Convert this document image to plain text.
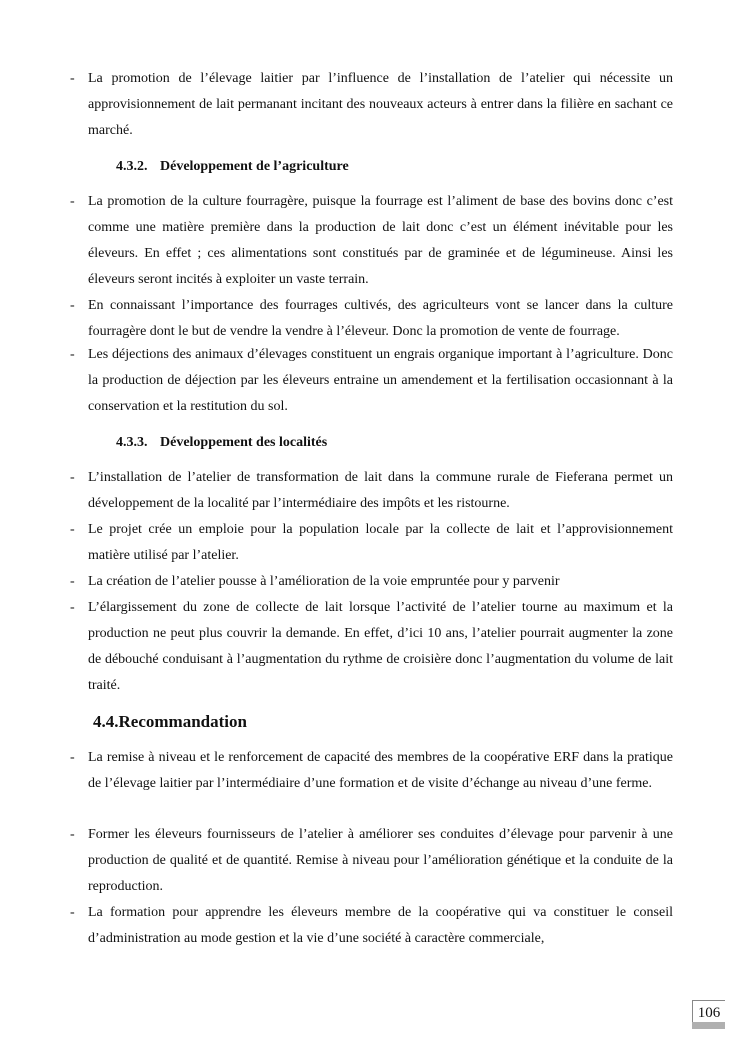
- La promotion de l’élevage laitier par l’influence de l’installation de l’atelier qui nécessite un approvisionnement de lait permanant incitant des nouveaux acteurs à entrer dans la filière en sachant ce marché.
4.3.2. Développement de l’agriculture
- La promotion de la culture fourragère, puisque la fourrage est l’aliment de base des bovins donc c’est comme une matière première dans la production de lait donc c’est un élément inévitable pour les éleveurs. En effet ; ces alimentations sont constitués par de graminée et de légumineuse. Ainsi les éleveurs seront incités à exploiter un vaste terrain.
- En connaissant l’importance des fourrages cultivés, des agriculteurs vont se lancer dans la culture fourragère dont le but de vendre la vendre à l’éleveur. Donc la promotion de vente de fourrage.
- Les déjections des animaux d’élevages constituent un engrais organique important à l’agriculture. Donc la production de déjection par les éleveurs entraine un amendement et la fertilisation occasionnant à la conservation et la restitution du sol.
4.3.3. Développement des localités
- L’installation de l’atelier de transformation de lait dans la commune rurale de Fieferana permet un développement de la localité par l’intermédiaire des impôts et les ristourne.
- Le projet crée un emploie pour la population locale par la collecte de lait et l’approvisionnement matière utilisé par l’atelier.
- La création de l’atelier pousse à l’amélioration de la voie empruntée pour y parvenir
- L’élargissement du zone de collecte de lait lorsque l’activité de l’atelier tourne au maximum et la production ne peut plus couvrir la demande. En effet, d’ici 10 ans, l’atelier pourrait augmenter la zone de débouché conduisant à l’augmentation du rythme de croisière donc l’augmentation du volume de lait traité.
4.4.Recommandation
- La remise à niveau et le renforcement de capacité des membres de la coopérative ERF dans la pratique de l’élevage laitier par l’intermédiaire d’une formation et de visite d’échange au niveau d’une ferme.
- Former les éleveurs fournisseurs de l’atelier à améliorer ses conduites d’élevage pour parvenir à une production de qualité et de quantité. Remise à niveau pour l’amélioration génétique et la conduite de la reproduction.
- La formation pour apprendre les éleveurs membre de la coopérative qui va constituer le conseil d’administration au mode gestion et la vie d’une société à caractère commerciale,
106
